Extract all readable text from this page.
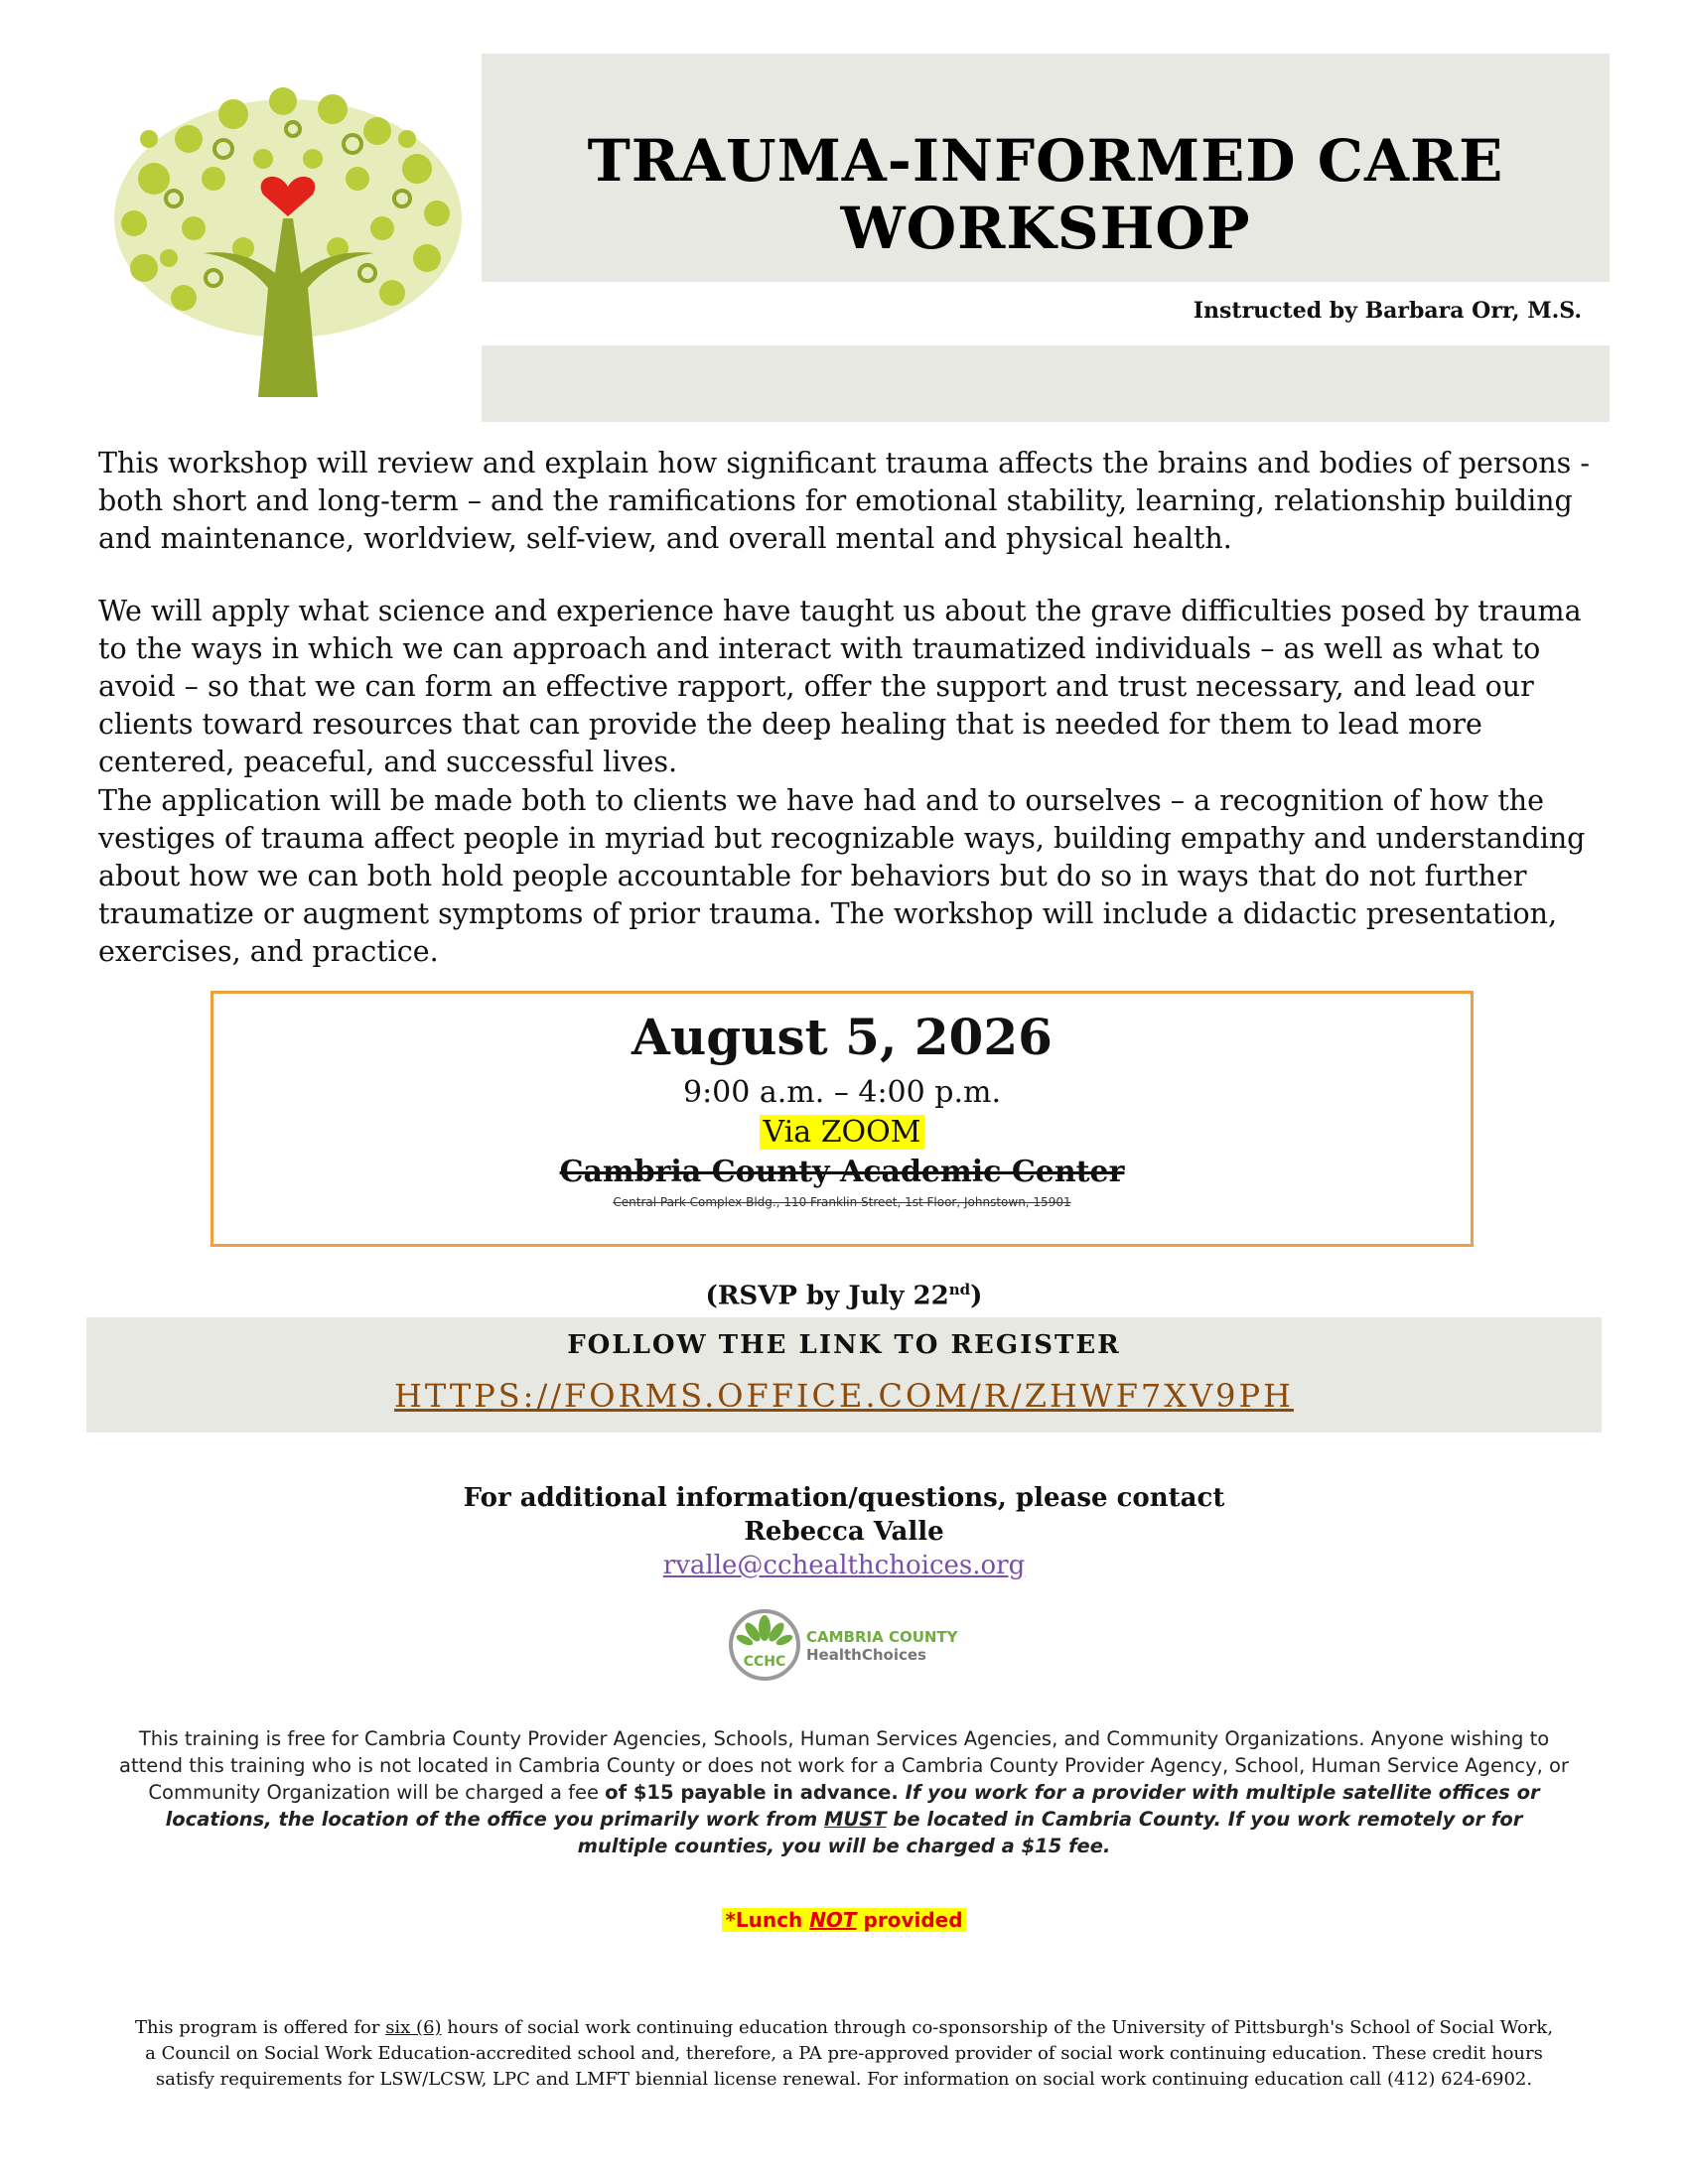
TRAUMA-INFORMED CARE
WORKSHOP
Instructed by Barbara Orr, M.S.
This workshop will review and explain how significant trauma affects the brains and bodies of persons - both short and long-term – and the ramifications for emotional stability, learning, relationship building and maintenance, worldview, self-view, and overall mental and physical health.
We will apply what science and experience have taught us about the grave difficulties posed by trauma to the ways in which we can approach and interact with traumatized individuals – as well as what to avoid – so that we can form an effective rapport, offer the support and trust necessary, and lead our clients toward resources that can provide the deep healing that is needed for them to lead more centered, peaceful, and successful lives.
The application will be made both to clients we have had and to ourselves – a recognition of how the vestiges of trauma affect people in myriad but recognizable ways, building empathy and understanding about how we can both hold people accountable for behaviors but do so in ways that do not further traumatize or augment symptoms of prior trauma. The workshop will include a didactic presentation, exercises, and practice.
August 5, 2026
9:00 a.m. – 4:00 p.m.
Via ZOOM
Cambria County Academic Center
Central Park Complex Bldg., 110 Franklin Street, 1st Floor, Johnstown, 15901
(RSVP by July 22nd)
FOLLOW THE LINK TO REGISTER
HTTPS://FORMS.OFFICE.COM/R/ZHWF7XV9PH
For additional information/questions, please contact
Rebecca Valle
rvalle@cchealthchoices.org
CCHC
CAMBRIA COUNTY
HealthChoices
This training is free for Cambria County Provider Agencies, Schools, Human Services Agencies, and Community Organizations. Anyone wishing to attend this training who is not located in Cambria County or does not work for a Cambria County Provider Agency, School, Human Service Agency, or Community Organization will be charged a fee of $15 payable in advance. If you work for a provider with multiple satellite offices or locations, the location of the office you primarily work from MUST be located in Cambria County. If you work remotely or for multiple counties, you will be charged a $15 fee.
*Lunch NOT provided
This program is offered for six (6) hours of social work continuing education through co-sponsorship of the University of Pittsburgh's School of Social Work, a Council on Social Work Education-accredited school and, therefore, a PA pre-approved provider of social work continuing education. These credit hours satisfy requirements for LSW/LCSW, LPC and LMFT biennial license renewal. For information on social work continuing education call (412) 624-6902.
